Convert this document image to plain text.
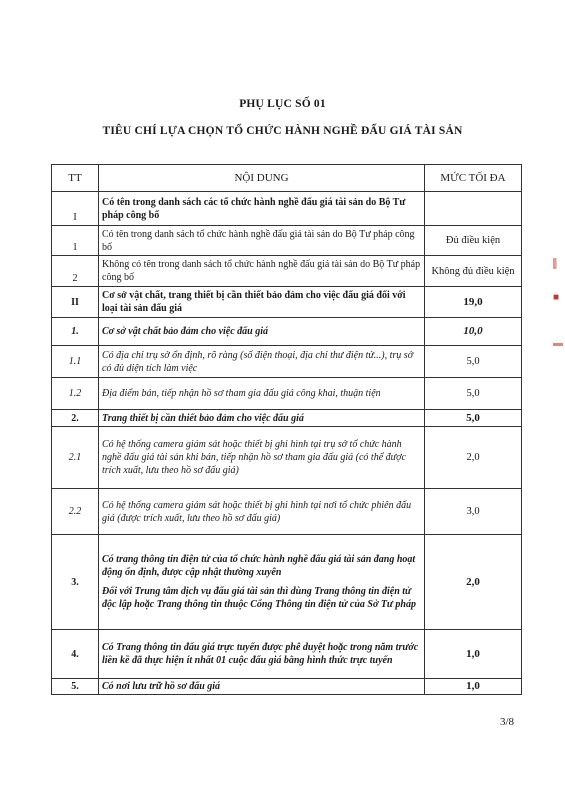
PHỤ LỤC SỐ 01
TIÊU CHÍ LỰA CHỌN TỔ CHỨC HÀNH NGHỀ ĐẤU GIÁ TÀI SẢN
TT	NỘI DUNG	MỨC TỐI ĐA
I	Có tên trong danh sách các tổ chức hành nghề đấu giá tài sản do Bộ Tư pháp công bố	
1	Có tên trong danh sách tổ chức hành nghề đấu giá tài sản do Bộ Tư pháp công bố	Đủ điều kiện
2	Không có tên trong danh sách tổ chức hành nghề đấu giá tài sản do Bộ Tư pháp công bố	Không đủ điều kiện
II	Cơ sở vật chất, trang thiết bị cần thiết bảo đảm cho việc đấu giá đối với loại tài sản đấu giá	19,0
1.	Cơ sở vật chất bảo đảm cho việc đấu giá	10,0
1.1	Có địa chỉ trụ sở ổn định, rõ ràng (số điện thoại, địa chỉ thư điện tử...), trụ sở có đủ diện tích làm việc	5,0
1.2	Địa điểm bán, tiếp nhận hồ sơ tham gia đấu giá công khai, thuận tiện	5,0
2.	Trang thiết bị cần thiết bảo đảm cho việc đấu giá	5,0
2.1	Có hệ thống camera giám sát hoặc thiết bị ghi hình tại trụ sở tổ chức hành nghề đấu giá tài sản khi bán, tiếp nhận hồ sơ tham gia đấu giá (có thể được trích xuất, lưu theo hồ sơ đấu giá)	2,0
2.2	Có hệ thống camera giám sát hoặc thiết bị ghi hình tại nơi tổ chức phiên đấu giá (được trích xuất, lưu theo hồ sơ đấu giá)	3,0
3.	Có trang thông tin điện tử của tổ chức hành nghề đấu giá tài sản đang hoạt động ổn định, được cập nhật thường xuyên
Đối với Trung tâm dịch vụ đấu giá tài sản thì dùng Trang thông tin điện tử độc lập hoặc Trang thông tin thuộc Cổng Thông tin điện tử của Sở Tư pháp	2,0
4.	Có Trang thông tin đấu giá trực tuyến được phê duyệt hoặc trong năm trước liền kề đã thực hiện ít nhất 01 cuộc đấu giá bằng hình thức trực tuyến	1,0
5.	Có nơi lưu trữ hồ sơ đấu giá	1,0
3/8
▌
■
▬
